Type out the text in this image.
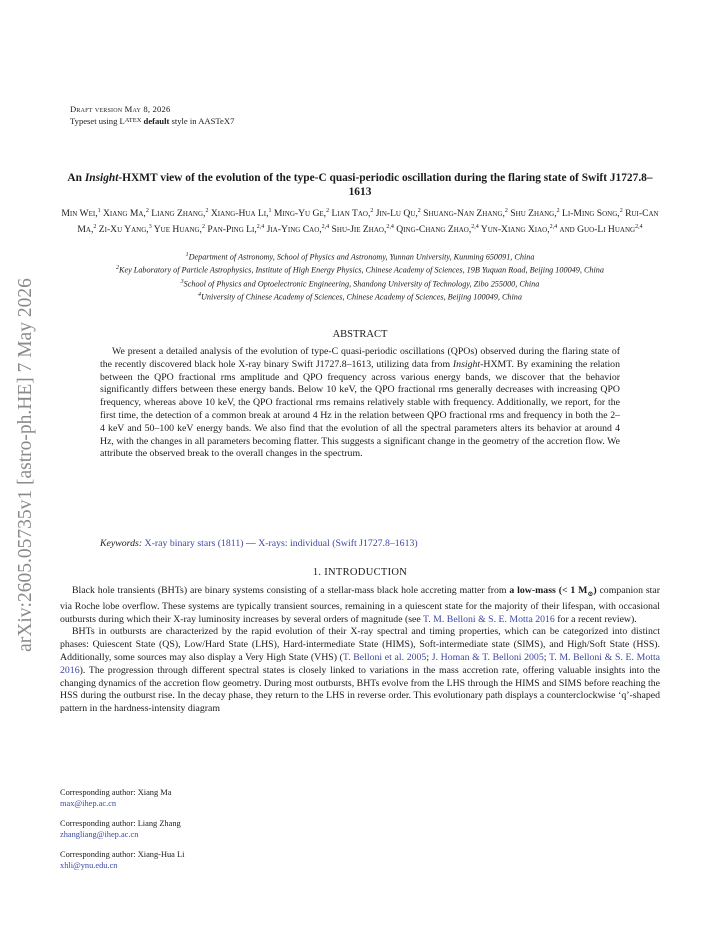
arXiv:2605.05735v1 [astro-ph.HE] 7 May 2026
Draft version May 8, 2026
Typeset using $L^{ATEX}$ default style in AASTeX7
An Insight-HXMT view of the evolution of the type-C quasi-periodic oscillation during the flaring state of Swift J1727.8–1613
Min Wei,$^1$ Xiang Ma,$^2$ Liang Zhang,$^2$ Xiang-Hua Li,$^1$ Ming-Yu Ge,$^2$ Lian Tao,$^2$ Jin-Lu Qu,$^2$ Shuang-Nan Zhang,$^2$ Shu Zhang,$^2$ Li-Ming Song,$^2$ Rui-Can Ma,$^2$ Zi-Xu Yang,$^3$ Yue Huang,$^2$ Pan-Ping Li,$^{2,4}$ Jia-Ying Cao,$^{2,4}$ Shu-Jie Zhao,$^{2,4}$ Qing-Chang Zhao,$^{2,4}$ Yun-Xiang Xiao,$^{2,4}$ and Guo-Li Huang$^{2,4}$
$^1$Department of Astronomy, School of Physics and Astronomy, Yunnan University, Kunming 650091, China
$^2$Key Laboratory of Particle Astrophysics, Institute of High Energy Physics, Chinese Academy of Sciences, 19B Yuquan Road, Beijing 100049, China
$^3$School of Physics and Optoelectronic Engineering, Shandong University of Technology, Zibo 255000, China
$^4$University of Chinese Academy of Sciences, Chinese Academy of Sciences, Beijing 100049, China
ABSTRACT
We present a detailed analysis of the evolution of type-C quasi-periodic oscillations (QPOs) observed during the flaring state of the recently discovered black hole X-ray binary Swift J1727.8–1613, utilizing data from Insight-HXMT. By examining the relation between the QPO fractional rms amplitude and QPO frequency across various energy bands, we discover that the behavior significantly differs between these energy bands. Below 10 keV, the QPO fractional rms generally decreases with increasing QPO frequency, whereas above 10 keV, the QPO fractional rms remains relatively stable with frequency. Additionally, we report, for the first time, the detection of a common break at around 4 Hz in the relation between QPO fractional rms and frequency in both the 2–4 keV and 50–100 keV energy bands. We also find that the evolution of all the spectral parameters alters its behavior at around 4 Hz, with the changes in all parameters becoming flatter. This suggests a significant change in the geometry of the accretion flow. We attribute the observed break to the overall changes in the spectrum.
Keywords: X-ray binary stars (1811) — X-rays: individual (Swift J1727.8–1613)
1. INTRODUCTION

Black hole transients (BHTs) are binary systems consisting of a stellar-mass black hole accreting matter from a low-mass (< 1 $M_⊙$) companion star via Roche lobe overflow. These systems are typically transient sources, remaining in a quiescent state for the majority of their lifespan, with occasional outbursts during which their X-ray luminosity increases by several orders of magnitude (see T. M. Belloni & S. E. Motta 2016 for a recent review).

BHTs in outbursts are characterized by the rapid evolution of their X-ray spectral and timing properties, which can be categorized into distinct phases: Quiescent State (QS), Low/Hard State (LHS), Hard-intermediate State (HIMS), Soft-intermediate state (SIMS), and High/Soft State (HSS). Additionally, some sources may also display a Very High State (VHS) (T. Belloni et al. 2005; J. Homan & T. Belloni 2005; T. M. Belloni & S. E. Motta 2016). The progression through different spectral states is closely linked to variations in the mass accretion rate, offering valuable insights into the changing dynamics of the accretion flow geometry. During most outbursts, BHTs evolve from the LHS through the HIMS and SIMS before reaching the HSS during the outburst rise. In the decay phase, they return to the LHS in reverse order. This evolutionary path displays a counterclockwise ‘q’-shaped pattern in the hardness-intensity diagram

Corresponding author: Xiang Ma
max@ihep.ac.cn
Corresponding author: Liang Zhang
zhangliang@ihep.ac.cn
Corresponding author: Xiang-Hua Li
xhli@ynu.edu.cn
